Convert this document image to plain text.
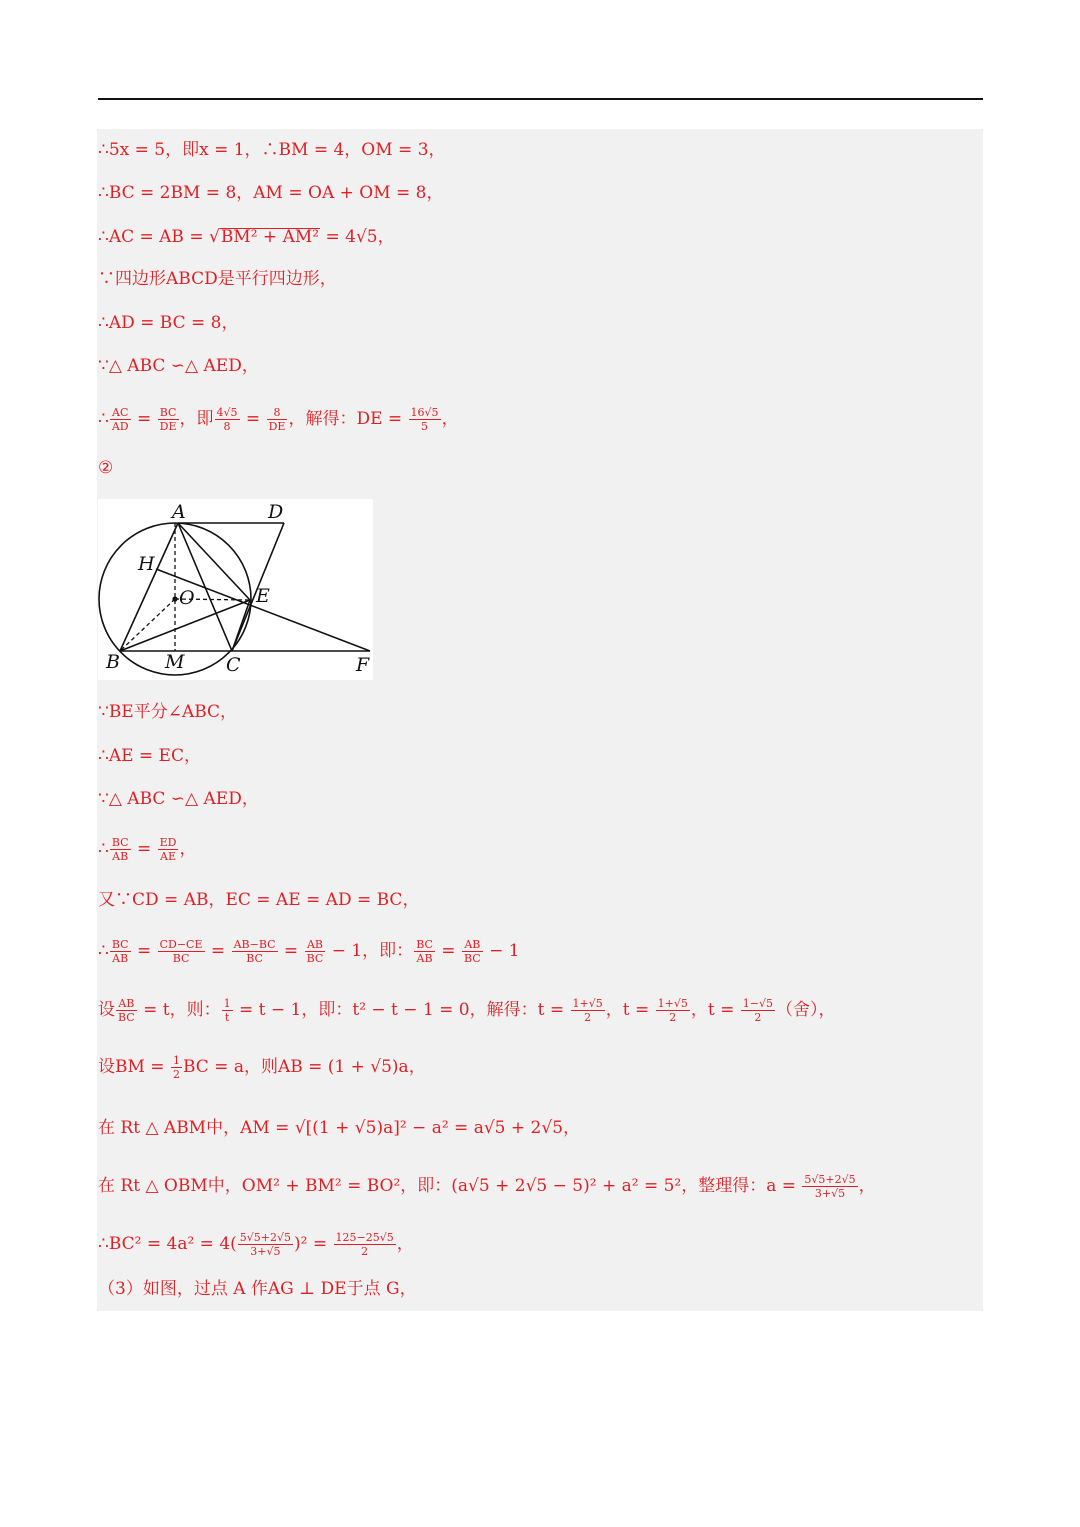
∴5x = 5，即x = 1，∴BM = 4，OM = 3，
∴BC = 2BM = 8，AM = OA + OM = 8，
∴AC = AB = √BM² + AM² = 4√5，
∵四边形ABCD是平行四边形，
∴AD = BC = 8，
∵△ ABC ∽△ AED，
∴ $\frac{AC}{AD} = \frac{BC}{DE}$ ，即 $\frac{4√5}{8} = \frac{8}{DE}$ ，解得：DE = $\frac{16√5}{5}$ ，
②
A	D
H
O	E
B M C	F
∵BE平分∠ABC，
∴AE = EC，
∵△ ABC ∽△ AED，
∴ $\frac{BC}{AB} = \frac{ED}{AE}$ ，
又∵CD = AB，EC = AE = AD = BC，
∴ $\frac{BC}{AB} = \frac{CD-CE}{BC} = \frac{AB-BC}{BC} = \frac{AB}{BC} - 1$，即： $\frac{BC}{AB} = \frac{AB}{BC} - 1$
设 $\frac{AB}{BC} = t$，则： $\frac{1}{t} = t - 1$，即：t² − t − 1 = 0，解得：$t = \frac{1+√5}{2}$ ，$t = \frac{1+√5}{2}$ ，$t = \frac{1-√5}{2}$ （舍），
设BM = $\frac{1}{2}$ BC = a，则AB = (1 + √5)a，
在 Rt △ ABM中，AM = √[(1 + √5)a]² − a² = a√5 + 2√5，
在 Rt △ OBM中，OM² + BM² = BO²，即：(a√5 + 2√5 − 5)² + a² = 5²，整理得：$a = \frac{5√5+2√5}{3+√5}$ ，
∴BC² = $4a^2 = 4( \frac{5√5+2√5}{3+√5} )^2 = \frac{125-25√5}{2}$ ，
（3）如图，过点 A 作AG ⊥ DE于点 G，
